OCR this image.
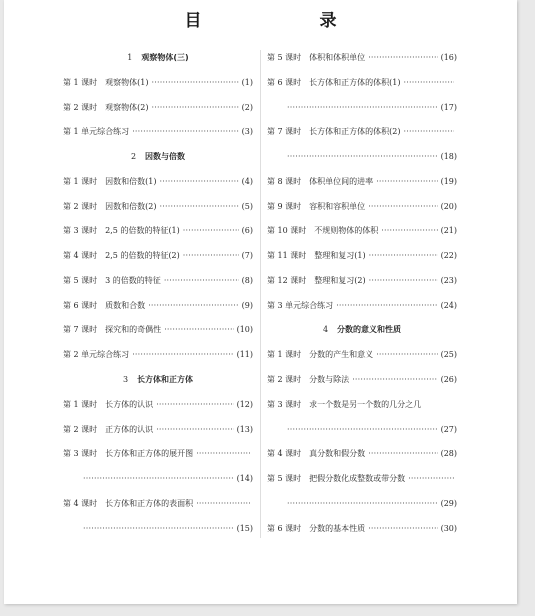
目　　录
1 观察物体(三)
第 1 课时　观察物体(1) ·····	(1)
第 2 课时　观察物体(2) ·····	(2)
第 1 单元综合练习 ·····	(3)
2 因数与倍数
第 1 课时　因数和倍数(1) ·····	(4)
第 2 课时　因数和倍数(2) ·····	(5)
第 3 课时　2,5 的倍数的特征(1) ·····	(6)
第 4 课时　2,5 的倍数的特征(2) ·····	(7)
第 5 课时　3 的倍数的特征 ·····	(8)
第 6 课时　质数和合数 ·····	(9)
第 7 课时　探究和的奇偶性 ·····	(10)
第 2 单元综合练习 ·····	(11)
3 长方体和正方体
第 1 课时　长方体的认识 ·····	(12)
第 2 课时　正方体的认识 ·····	(13)
第 3 课时　长方体和正方体的展开图
·····
·····
(14)
第 4 课时　长方体和正方体的表面积
·····
·····
(15)
第 5 课时　体积和体积单位 ·····	(16)
第 6 课时　长方体和正方体的体积(1)
·····
·····
(17)
第 7 课时　长方体和正方体的体积(2)
·····
·····
(18)
第 8 课时　体积单位间的进率 ·····	(19)
第 9 课时　容积和容积单位 ·····	(20)
第 10 课时　不规则物体的体积 ·····	(21)
第 11 课时　整理和复习(1) ·····	(22)
第 12 课时　整理和复习(2) ·····	(23)
第 3 单元综合练习 ·····	(24)
4 分数的意义和性质
第 1 课时　分数的产生和意义 ·····	(25)
第 2 课时　分数与除法 ·····	(26)
第 3 课时　求一个数是另一个数的几分之几
·····
(27)
第 4 课时　真分数和假分数 ·····	(28)
第 5 课时　把假分数化成整数或带分数
·····
·····
(29)
第 6 课时　分数的基本性质 ·····	(30)
